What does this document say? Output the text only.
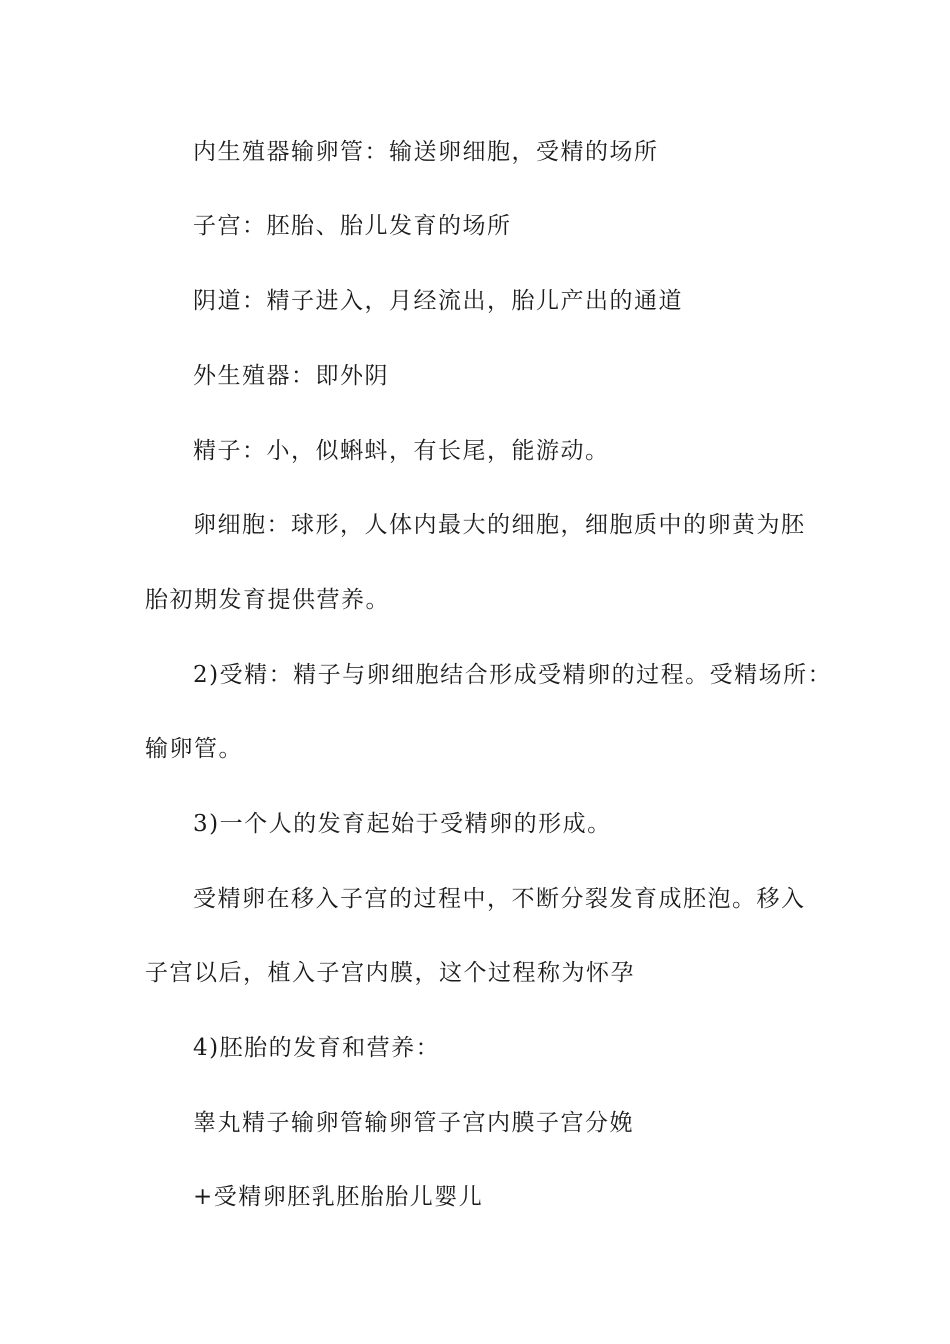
内生殖器输卵管：输送卵细胞，受精的场所
子宫：胚胎、胎儿发育的场所
阴道：精子进入，月经流出，胎儿产出的通道
外生殖器：即外阴
精子：小，似蝌蚪，有长尾，能游动。
卵细胞：球形，人体内最大的细胞，细胞质中的卵黄为胚
胎初期发育提供营养。
2)受精：精子与卵细胞结合形成受精卵的过程。受精场所：
输卵管。
3)一个人的发育起始于受精卵的形成。
受精卵在移入子宫的过程中，不断分裂发育成胚泡。移入
子宫以后，植入子宫内膜，这个过程称为怀孕
4)胚胎的发育和营养：
睾丸精子输卵管输卵管子宫内膜子宫分娩
+受精卵胚乳胚胎胎儿婴儿
